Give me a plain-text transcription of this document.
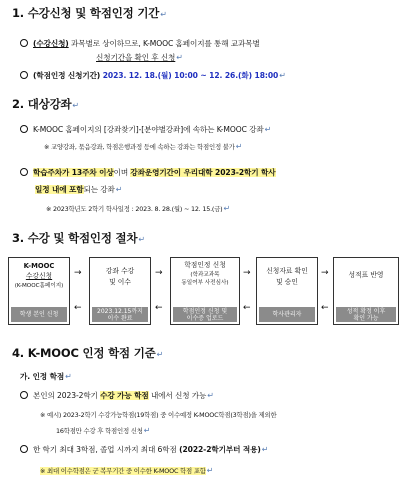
1. 수강신청 및 학점인정 기간↵
(수강신청) 과목별로 상이하므로, K-MOOC 홈페이지를 통해 교과목별
신청기간을 확인 후 신청↵
(학점인정 신청기간) 2023. 12. 18.(월) 10:00 ~ 12. 26.(화) 18:00↵
2. 대상강좌↵
K-MOOC 홈페이지의 [강좌찾기]-[분야별강좌]에 속하는 K-MOOC 강좌↵
※ 교양강좌, 묶음강좌, 학점은행과정 등에 속하는 강좌는 학점인정 불가↵
학습주차가 13주차 이상이며 강좌운영기간이 우리대학 2023-2학기 학사
일정 내에 포함되는 강좌↵
※ 2023학년도 2학기 학사일정 : 2023. 8. 28.(월) ~ 12. 15.(금)↵
3. 수강 및 학점인정 절차↵
K-MOOC
수강신청
(K-MOOC홈페이지)
학생 본인 신청
강좌 수강
및 이수
2023.12.15까지
이수 완료
학점인정 신청
(학과교과목
동일여부 사전심사)
학점인정 신청 및
이수증 업로드
신청자료 확인
및 승인
학사관리자
성적표 반영
성적 확정 이후
확인 가능
→
←
→
←
→
←
→
←
4. K-MOOC 인정 학점 기준↵
가. 인정 학점↵
본인의 2023-2학기 수강 가능 학점 내에서 신청 가능↵
※ 예시) 2023-2학기 수강가능학점(19학점) 중 이수예정 K-MOOC학점(3학점)을 제외한
16학점만 수강 후 학점인정 신청↵
한 학기 최대 3학점, 졸업 시까지 최대 6학점 (2022-2학기부터 적용)↵
※ 최대 이수학점은 군 복무기간 중 이수한 K-MOOC 학점 포함↵
